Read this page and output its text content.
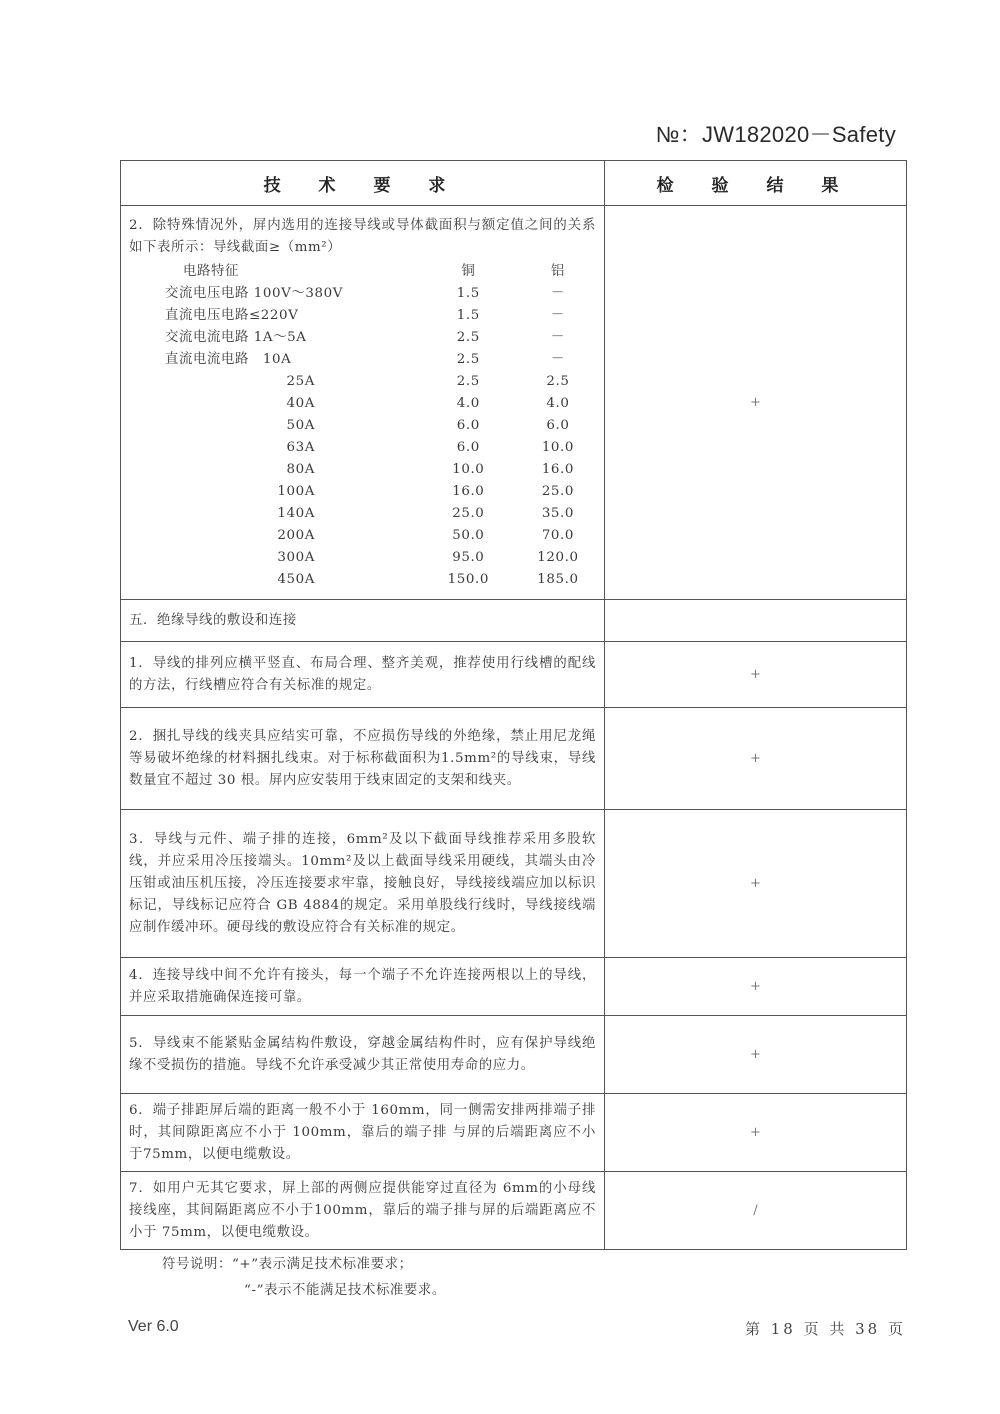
№：JW182020－Safety
技 术 要 求	检 验 结 果

2．除特殊情况外，屏内选用的连接导线或导体截面积与额定值之间的关系如下表所示：导线截面≥（mm²）
电路特征	铜	铝
交流电压电路 100V～380V	1.5	－
直流电压电路≤220V	1.5	－
交流电流电路 1A～5A	2.5	－
直流电流电路　10A	2.5	－
25A	2.5	2.5
40A	4.0	4.0
50A	6.0	6.0
63A	6.0	10.0
80A	10.0	16.0
100A	16.0	25.0
140A	25.0	35.0
200A	50.0	70.0
300A	95.0	120.0
450A	150.0	185.0
	+
五．绝缘导线的敷设和连接	
1．导线的排列应横平竖直、布局合理、整齐美观，推荐使用行线槽的配线的方法，行线槽应符合有关标准的规定。	+
2．捆扎导线的线夹具应结实可靠，不应损伤导线的外绝缘，禁止用尼龙绳等易破坏绝缘的材料捆扎线束。对于标称截面积为1.5mm²的导线束，导线数量宜不超过 30 根。屏内应安装用于线束固定的支架和线夹。	+
3．导线与元件、端子排的连接，6mm²及以下截面导线推荐采用多股软线，并应采用冷压接端头。10mm²及以上截面导线采用硬线，其端头由冷压钳或油压机压接，冷压连接要求牢靠，接触良好，导线接线端应加以标识标记，导线标记应符合 GB 4884的规定。采用单股线行线时，导线接线端应制作缓冲环。硬母线的敷设应符合有关标准的规定。	+
4．连接导线中间不允许有接头，每一个端子不允许连接两根以上的导线，并应采取措施确保连接可靠。	+
5．导线束不能紧贴金属结构件敷设，穿越金属结构件时，应有保护导线绝缘不受损伤的措施。导线不允许承受减少其正常使用寿命的应力。	+
6．端子排距屏后端的距离一般不小于 160mm，同一侧需安排两排端子排时，其间隙距离应不小于 100mm，靠后的端子排 与屏的后端距离应不小于75mm，以便电缆敷设。	+
7．如用户无其它要求，屏上部的两侧应提供能穿过直径为 6mm的小母线接线座，其间隔距离应不小于100mm，靠后的端子排与屏的后端距离应不小于 75mm，以便电缆敷设。	/
符号说明：“+”表示满足技术标准要求；
“-”表示不能满足技术标准要求。
Ver 6.0	第 18 页 共 38 页
